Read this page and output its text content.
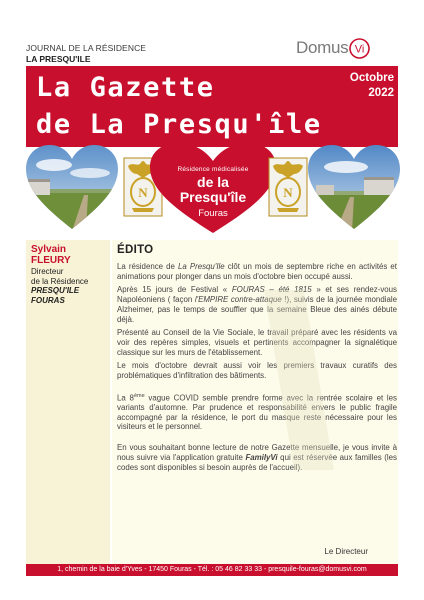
JOURNAL DE LA RÉSIDENCE
LA PRESQU'ILE
Domus Vi
La Gazette
de La Presqu'île
Octobre
2022
N	N
Résidence médicalisée
de la
Presqu'île
Fouras
Sylvain
FLEURY
Directeur
de la Résidence
PRESQU'ILE
FOURAS
ÉDITO

La résidence de La Presqu'Ile clôt un mois de septembre riche en activités et animations pour plonger dans un mois d'octobre bien occupé aussi.

Après 15 jours de Festival « FOURAS – été 1815 » et ses rendez-vous Napoléoniens ( façon l'EMPIRE contre-attaque !), suivis de la journée mondiale Alzheimer, pas le temps de souffler que la semaine Bleue des ainés débute déjà.

Présenté au Conseil de la Vie Sociale, le travail préparé avec les résidents va voir des repères simples, visuels et pertinents accompagner la signalétique classique sur les murs de l'établissement.

Le mois d'octobre devrait aussi voir les premiers travaux curatifs des problématiques d'infiltration des bâtiments.

La 8ème vague COVID semble prendre forme avec la rentrée scolaire et les variants d'automne. Par prudence et responsabilité envers le public fragile accompagné par la résidence, le port du masque reste nécessaire pour les visiteurs et le personnel.

En vous souhaitant bonne lecture de notre Gazette mensuelle, je vous invite à nous suivre via l'application gratuite FamilyVi qui est réservée aux familles (les codes sont disponibles si besoin auprès de l'accueil).

Le Directeur
1, chemin de la baie d'Yves - 17450 Fouras - Tél. : 05 46 82 33 33 - presquile-fouras@domusvi.com
